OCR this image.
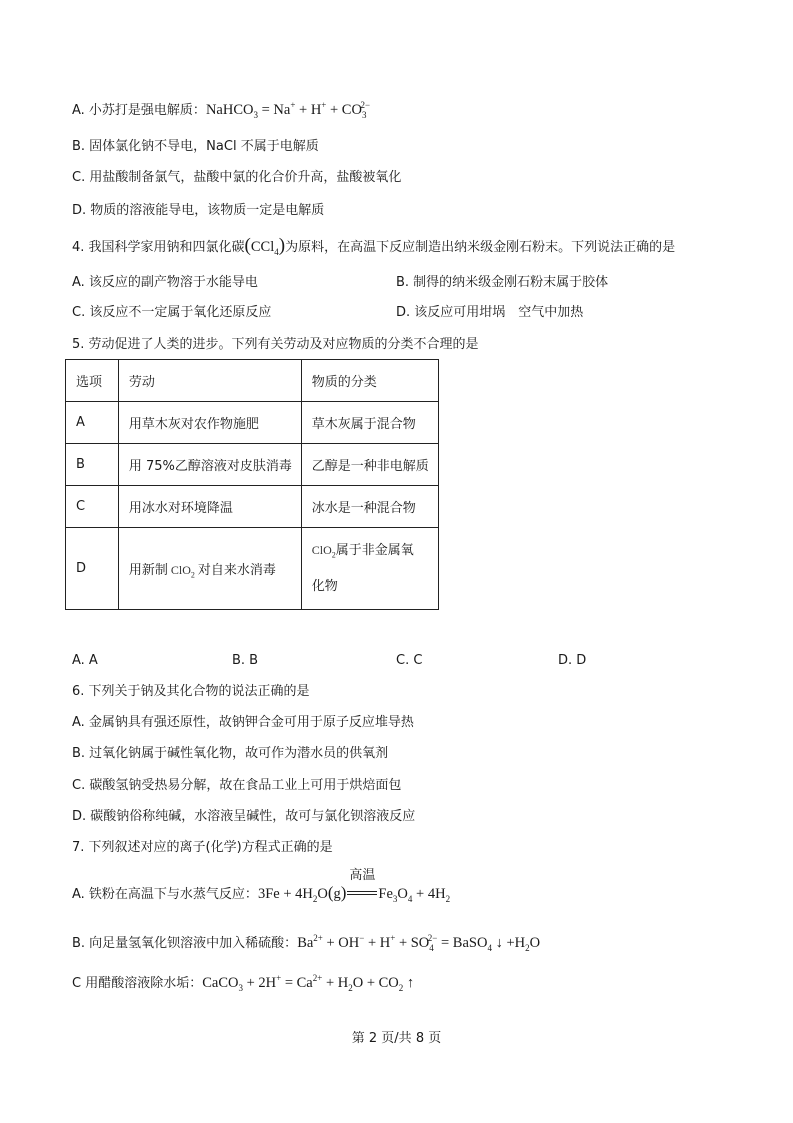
A. 小苏打是强电解质：NaHCO$_3$ = $Na^+ + H^+ + CO_3^{2-}$
B. 固体氯化钠不导电，NaCl 不属于电解质
C. 用盐酸制备氯气，盐酸中氯的化合价升高，盐酸被氧化
D. 物质的溶液能导电，该物质一定是电解质
4. 我国科学家用钠和四氯化碳(CCl$_4$)为原料，在高温下反应制造出纳米级金刚石粉末。下列说法正确的是
A. 该反应的副产物溶于水能导电	B. 制得的纳米级金刚石粉末属于胶体
C. 该反应不一定属于氧化还原反应	D. 该反应可用坩埚　空气中加热
5. 劳动促进了人类的进步。下列有关劳动及对应物质的分类不合理的是
选项	劳动	物质的分类
A	用草木灰对农作物施肥	草木灰属于混合物
B	用 75%乙醇溶液对皮肤消毒	乙醇是一种非电解质
C	用冰水对环境降温	冰水是一种混合物
D	用新制 ClO$_2$ 对自来水消毒	ClO$_2$属于非金属氧
化物
A. A	B. B	C. C	D. D
6. 下列关于钠及其化合物的说法正确的是
A. 金属钠具有强还原性，故钠钾合金可用于原子反应堆导热
B. 过氧化钠属于碱性氧化物，故可作为潜水员的供氧剂
C. 碳酸氢钠受热易分解，故在食品工业上可用于烘焙面包
D. 碳酸钠俗称纯碱，水溶液呈碱性，故可与氯化钡溶液反应
7. 下列叙述对应的离子(化学)方程式正确的是
A. 铁粉在高温下与水蒸气反应：$3Fe + 4H_2O(g)$
高温
$Fe_3O_4 + 4H_2$
B. 向足量氢氧化钡溶液中加入稀硫酸：$Ba^{2+} + OH^- + H^+ + SO_4^{2-}$ = BaSO$_4$ ↓ $+H_2O$
C 用醋酸溶液除水垢：CaCO$_3$ + $2H^+ = Ca^{2+} + H_2O + CO_2$ ↑
第 2 页/共 8 页
